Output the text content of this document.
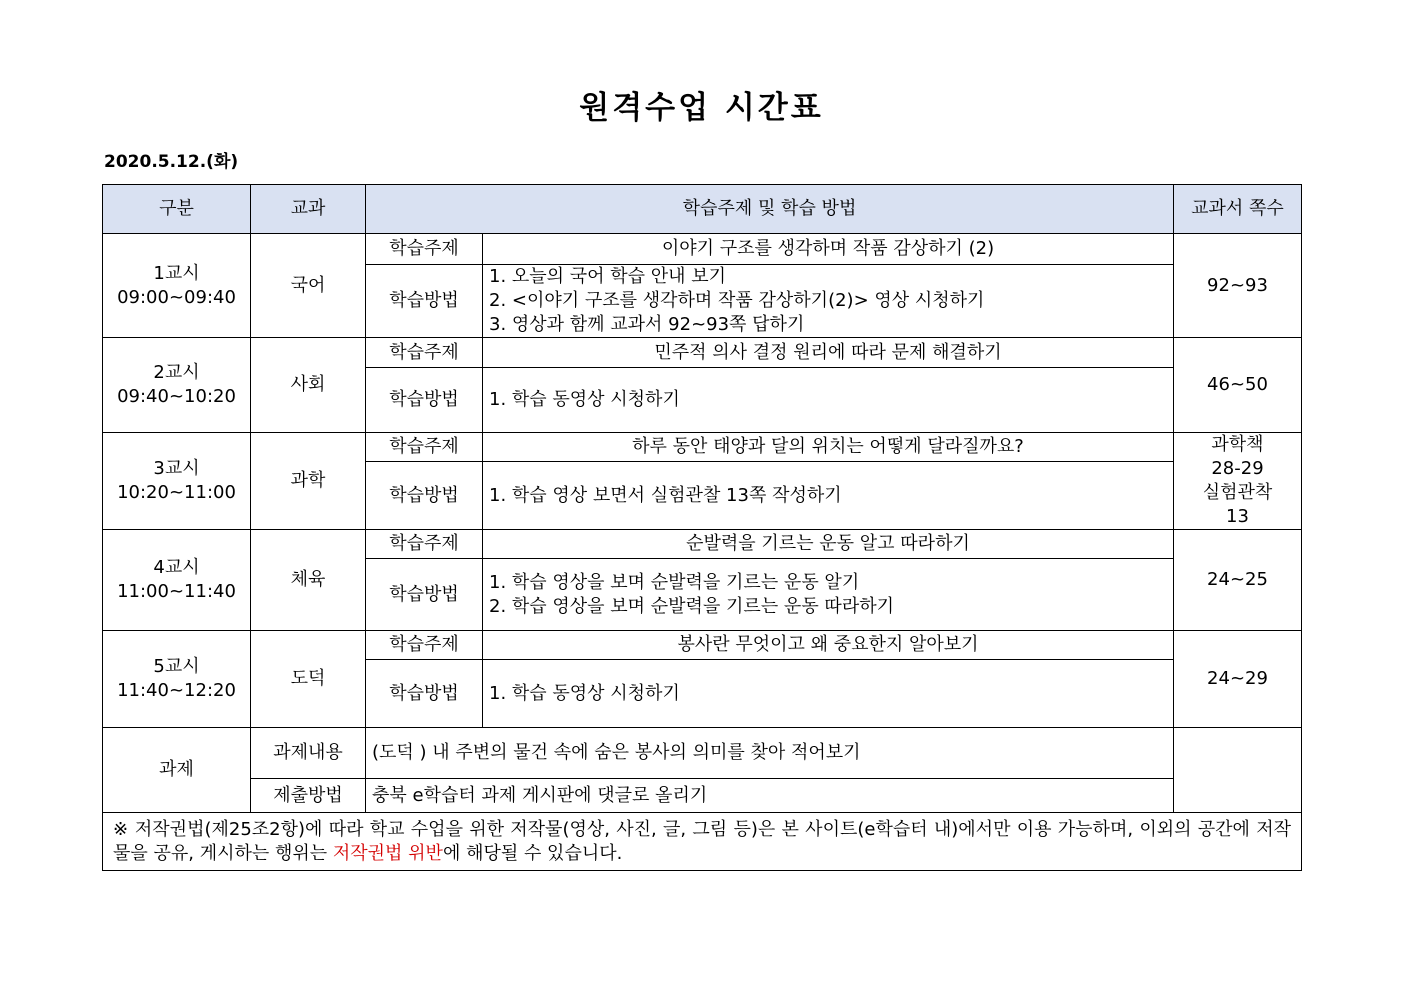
원격수업 시간표
2020.5.12.(화)
구분	교과	학습주제 및 학습 방법		교과서 쪽수

1교시
09:00~09:40	국어	학습주제	이야기 구조를 생각하며 작품 감상하기 (2)	92~93

		학습방법	1. 오늘의 국어 학습 안내 보기
2. <이야기 구조를 생각하며 작품 감상하기(2)> 영상 시청하기
3. 영상과 함께 교과서 92~93쪽 답하기	

2교시
09:40~10:20	사회	학습주제	민주적 의사 결정 원리에 따라 문제 해결하기	46~50

		학습방법	1. 학습 동영상 시청하기	

3교시
10:20~11:00	과학	학습주제	하루 동안 태양과 달의 위치는 어떻게 달라질까요?	과학책
28-29
실험관착
13

		학습방법	1. 학습 영상 보면서 실험관찰 13쪽 작성하기	

4교시
11:00~11:40	체육	학습주제	순발력을 기르는 운동 알고 따라하기	24~25

		학습방법	1. 학습 영상을 보며 순발력을 기르는 운동 알기
2. 학습 영상을 보며 순발력을 기르는 운동 따라하기	

5교시
11:40~12:20	도덕	학습주제	봉사란 무엇이고 왜 중요한지 알아보기	24~29

		학습방법	1. 학습 동영상 시청하기	

과제	과제내용	(도덕 ) 내 주변의 물건 속에 숨은 봉사의 의미를 찾아 적어보기		
	제출방법	충북 e학습터 과제 게시판에 댓글로 올리기		
※ 저작권법(제25조2항)에 따라 학교 수업을 위한 저작물(영상, 사진, 글, 그림 등)은 본 사이트(e학습터 내)에서만 이용 가능하며, 이외의 공간에 저작물을 공유, 게시하는 행위는 저작권법 위반에 해당될 수 있습니다.				
